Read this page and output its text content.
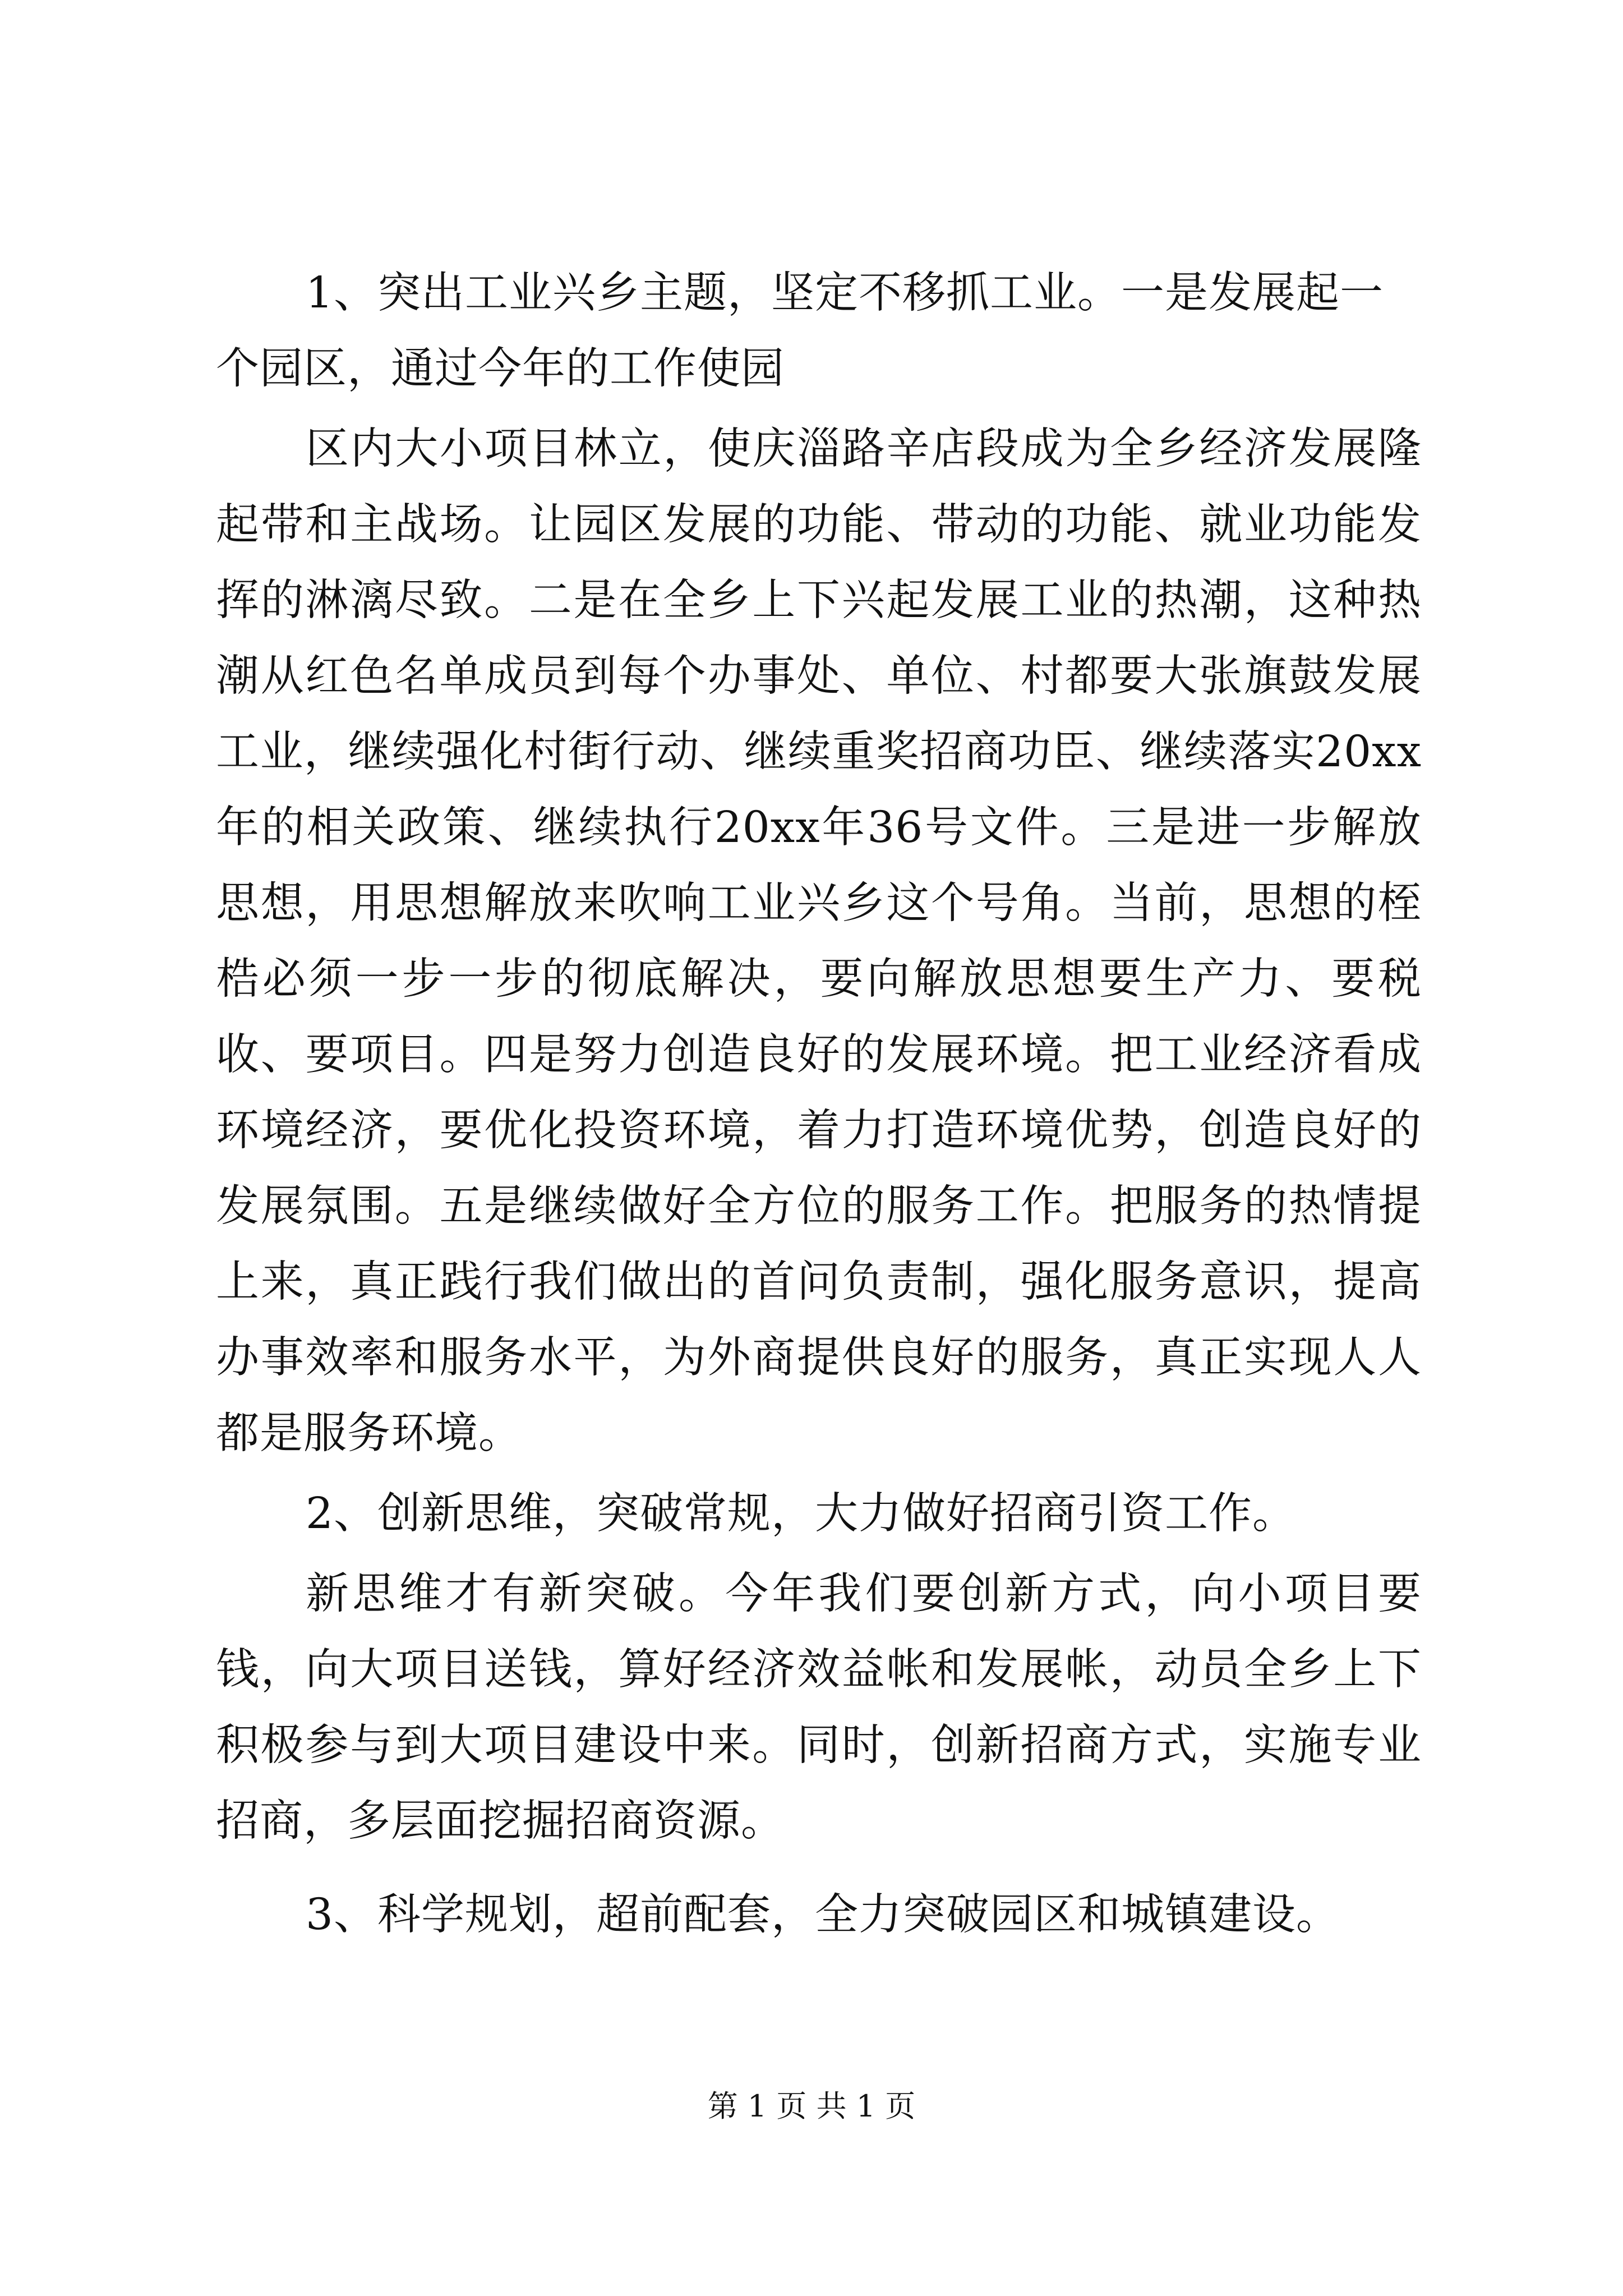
1、突出工业兴乡主题，坚定不移抓工业。一是发展起一个园区，通过今年的工作使园

区内大小项目林立，使庆淄路辛店段成为全乡经济发展隆起带和主战场。让园区发展的功能、带动的功能、就业功能发挥的淋漓尽致。二是在全乡上下兴起发展工业的热潮，这种热潮从红色名单成员到每个办事处、单位、村都要大张旗鼓发展工业，继续强化村街行动、继续重奖招商功臣、继续落实20xx年的相关政策、继续执行20xx年36号文件。三是进一步解放思想，用思想解放来吹响工业兴乡这个号角。当前，思想的桎梏必须一步一步的彻底解决，要向解放思想要生产力、要税收、要项目。四是努力创造良好的发展环境。把工业经济看成环境经济，要优化投资环境，着力打造环境优势，创造良好的发展氛围。五是继续做好全方位的服务工作。把服务的热情提上来，真正践行我们做出的首问负责制，强化服务意识，提高办事效率和服务水平，为外商提供良好的服务，真正实现人人都是服务环境。

2、创新思维，突破常规，大力做好招商引资工作。

新思维才有新突破。今年我们要创新方式，向小项目要钱，向大项目送钱，算好经济效益帐和发展帐，动员全乡上下积极参与到大项目建设中来。同时，创新招商方式，实施专业招商，多层面挖掘招商资源。

3、科学规划，超前配套，全力突破园区和城镇建设。

第 1 页 共 1 页
